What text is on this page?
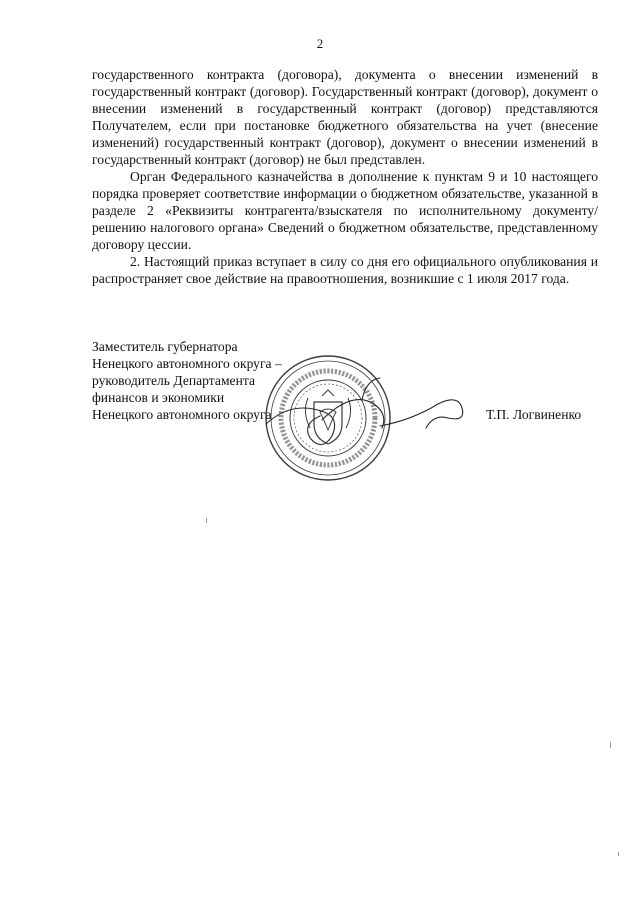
2

государственного контракта (договора), документа о внесении изменений в государственный контракт (договор). Государственный контракт (договор), документ о внесении изменений в государственный контракт (договор) представляются Получателем, если при постановке бюджетного обязательства на учет (внесение изменений) государственный контракт (договор), документ о внесении изменений в государственный контракт (договор) не был представлен.

Орган Федерального казначейства в дополнение к пунктам 9 и 10 настоящего порядка проверяет соответствие информации о бюджетном обязательстве, указанной в разделе 2 «Реквизиты контрагента/взыскателя по исполнительному документу/решению налогового органа» Сведений о бюджетном обязательстве, представленному договору цессии.

2. Настоящий приказ вступает в силу со дня его официального опубликования и распространяет свое действие на правоотношения, возникшие с 1 июля 2017 года.

Заместитель губернатора
Ненецкого автономного округа –
руководитель Департамента
финансов и экономики
Ненецкого автономного округа	Т.П. Логвиненко
